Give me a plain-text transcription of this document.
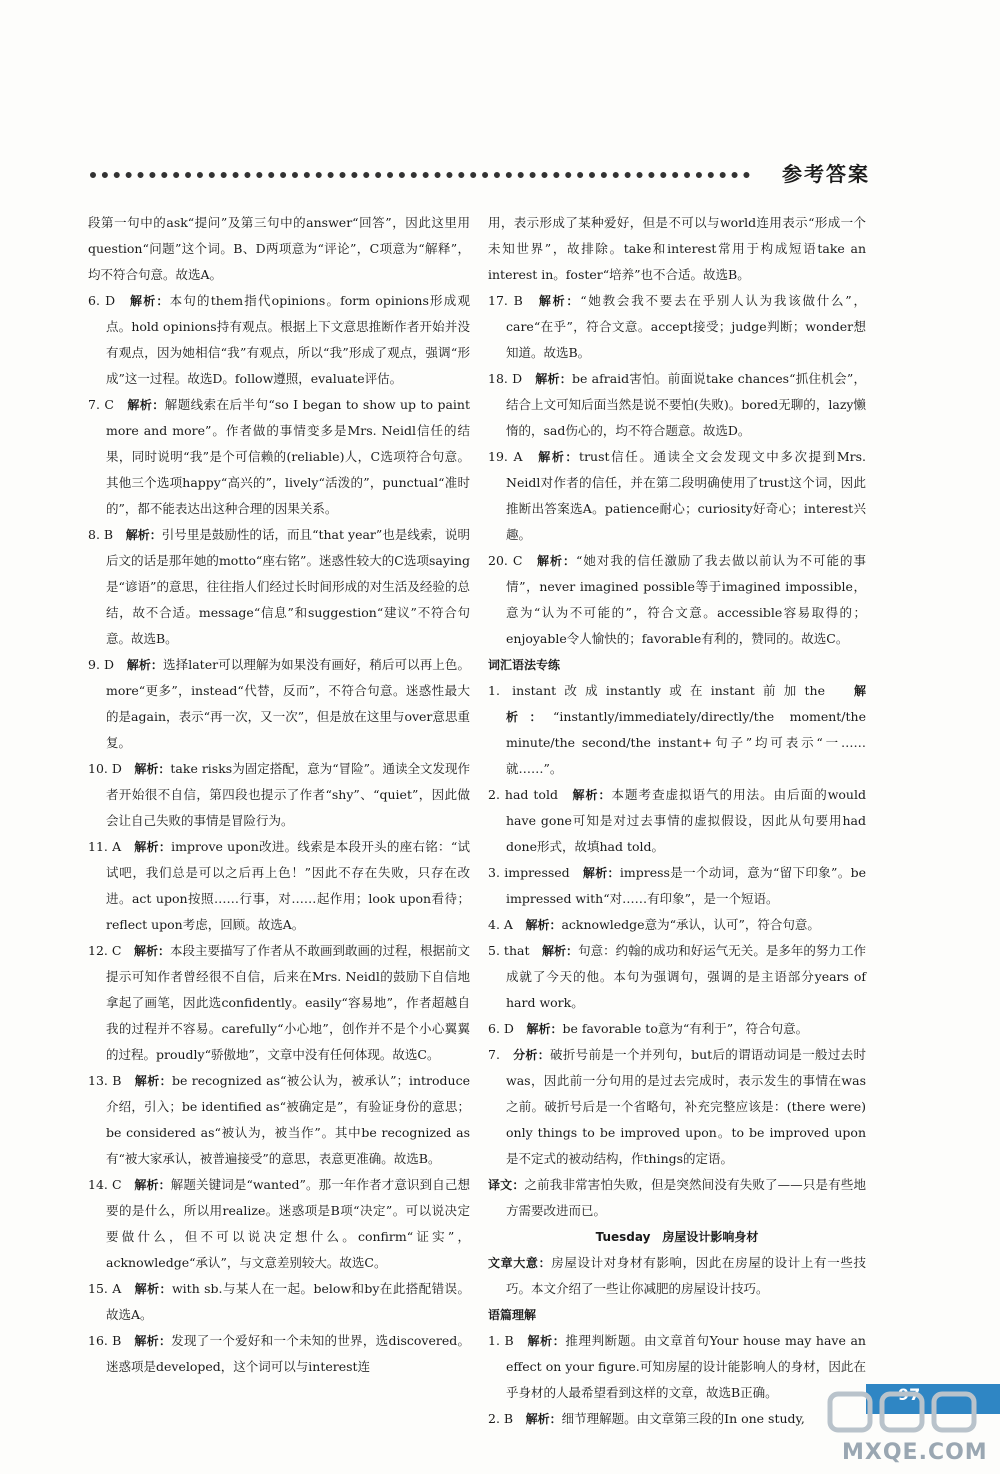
参考答案
段第一句中的ask“提问”及第三句中的answer“回答”，因此这里用question“问题”这个词。B、D两项意为“评论”，C项意为“解释”，均不符合句意。故选A。
6. D　 解析：本句的them指代opinions。form opinions形成观点。hold opinions持有观点。根据上下文意思推断作者开始并没有观点，因为她相信“我”有观点，所以“我”形成了观点，强调“形成”这一过程。故选D。follow遵照，evaluate评估。
7. C　 解析：解题线索在后半句“so I began to show up to paint more and more”。作者做的事情变多是Mrs. Neidl信任的结果，同时说明“我”是个可信赖的(reliable)人，C选项符合句意。其他三个选项happy“高兴的”，lively“活泼的”，punctual“准时的”，都不能表达出这种合理的因果关系。
8. B　 解析：引号里是鼓励性的话，而且“that year”也是线索，说明后文的话是那年她的motto“座右铭”。迷惑性较大的C选项saying是“谚语”的意思，往往指人们经过长时间形成的对生活及经验的总结，故不合适。message“信息”和suggestion“建议”不符合句意。故选B。
9. D　 解析：选择later可以理解为如果没有画好，稍后可以再上色。more“更多”，instead“代替，反而”，不符合句意。迷惑性最大的是again，表示“再一次，又一次”，但是放在这里与over意思重复。
10. D　 解析：take risks为固定搭配，意为“冒险”。通读全文发现作者开始很不自信，第四段也提示了作者“shy”、“quiet”，因此做会让自己失败的事情是冒险行为。
11. A　 解析：improve upon改进。线索是本段开头的座右铭：“试试吧，我们总是可以之后再上色！”因此不存在失败，只存在改进。act upon按照……行事，对……起作用；look upon看待；reflect upon考虑，回顾。故选A。
12. C　 解析：本段主要描写了作者从不敢画到敢画的过程，根据前文提示可知作者曾经很不自信，后来在Mrs. Neidl的鼓励下自信地拿起了画笔，因此选confidently。easily“容易地”，作者超越自我的过程并不容易。carefully“小心地”，创作并不是个小心翼翼的过程。proudly“骄傲地”，文章中没有任何体现。故选C。
13. B　 解析：be recognized as“被公认为，被承认”；introduce介绍，引入；be identified as“被确定是”，有验证身份的意思；be considered as“被认为，被当作”。其中be recognized as有“被大家承认，被普遍接受”的意思，表意更准确。故选B。
14. C　 解析：解题关键词是“wanted”。那一年作者才意识到自己想要的是什么，所以用realize。迷惑项是B项“决定”。可以说决定要做什么，但不可以说决定想什么。confirm“证实”，acknowledge“承认”，与文意差别较大。故选C。
15. A　 解析：with sb.与某人在一起。below和by在此搭配错误。故选A。
16. B　 解析：发现了一个爱好和一个未知的世界，选discovered。迷惑项是developed，这个词可以与interest连
用，表示形成了某种爱好，但是不可以与world连用表示“形成一个未知世界”，故排除。take和interest常用于构成短语take an interest in。foster“培养”也不合适。故选B。
17. B　 解析：“她教会我不要去在乎别人认为我该做什么”，care“在乎”，符合文意。accept接受；judge判断；wonder想知道。故选B。
18. D　 解析：be afraid害怕。前面说take chances“抓住机会”，结合上文可知后面当然是说不要怕(失败)。bored无聊的，lazy懒惰的，sad伤心的，均不符合题意。故选D。
19. A　 解析：trust信任。通读全文会发现文中多次提到Mrs. Neidl对作者的信任，并在第二段明确使用了trust这个词，因此推断出答案选A。patience耐心；curiosity好奇心；interest兴趣。
20. C　 解析：“她对我的信任激励了我去做以前认为不可能的事情”，never imagined possible等于imagined impossible，意为“认为不可能的”，符合文意。accessible容易取得的；enjoyable令人愉快的；favorable有利的，赞同的。故选C。
词汇语法专练
1. instant改成instantly或在instant前加the　 解析：“instantly/immediately/directly/the moment/the minute/the second/the instant+句子”均可表示“一……就……”。
2. had told　 解析：本题考查虚拟语气的用法。由后面的would have gone可知是对过去事情的虚拟假设，因此从句要用had done形式，故填had told。
3. impressed　 解析：impress是一个动词，意为“留下印象”。be impressed with“对……有印象”，是一个短语。
4. A　 解析：acknowledge意为“承认，认可”，符合句意。
5. that　 解析：句意：约翰的成功和好运气无关。是多年的努力工作成就了今天的他。本句为强调句，强调的是主语部分years of hard work。
6. D　 解析：be favorable to意为“有利于”，符合句意。
7.　 分析：破折号前是一个并列句，but后的谓语动词是一般过去时was，因此前一分句用的是过去完成时，表示发生的事情在was之前。破折号后是一个省略句，补充完整应该是：(there were) only things to be improved upon。to be improved upon是不定式的被动结构，作things的定语。
译文：之前我非常害怕失败，但是突然间没有失败了——只是有些地方需要改进而已。
Tuesday　房屋设计影响身材
文章大意：房屋设计对身材有影响，因此在房屋的设计上有一些技巧。本文介绍了一些让你减肥的房屋设计技巧。
语篇理解
1. B　 解析：推理判断题。由文章首句Your house may have an effect on your figure.可知房屋的设计能影响人的身材，因此在乎身材的人最希望看到这样的文章，故选B正确。
2. B　 解析：细节理解题。由文章第三段的In one study,
97
MXQE.COM
